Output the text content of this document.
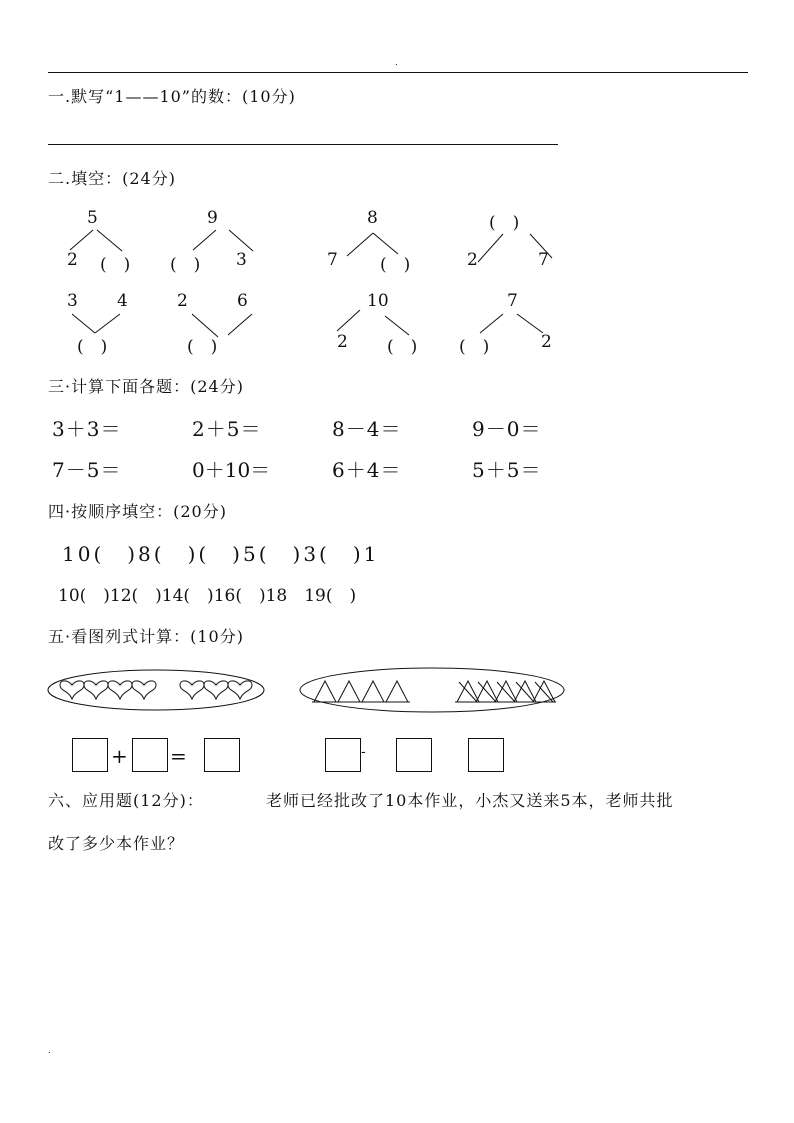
.
.
一.默写“1——10”的数：(10分)
二.填空：(24分)
5
2 (　)
9
(　) 3
8
7 (　)
(　)
2	7
3 4
(　)
2	6
(　)
10
2 (　)
7
(　)	2
三·计算下面各题：(24分)
3＋3＝	2＋5＝	8－4＝	9－0＝
7－5＝	0＋10＝	6＋4＝	5＋5＝
四·按顺序填空：(20分)
10(　)8(　)(　)5(　)3(　)1
10(　)12(　)14(　)16(　)18　19(　)
五·看图列式计算：(10分)
+ =	-
六、应用题(12分)：	老师已经批改了10本作业，小杰又送来5本，老师共批
改了多少本作业？
